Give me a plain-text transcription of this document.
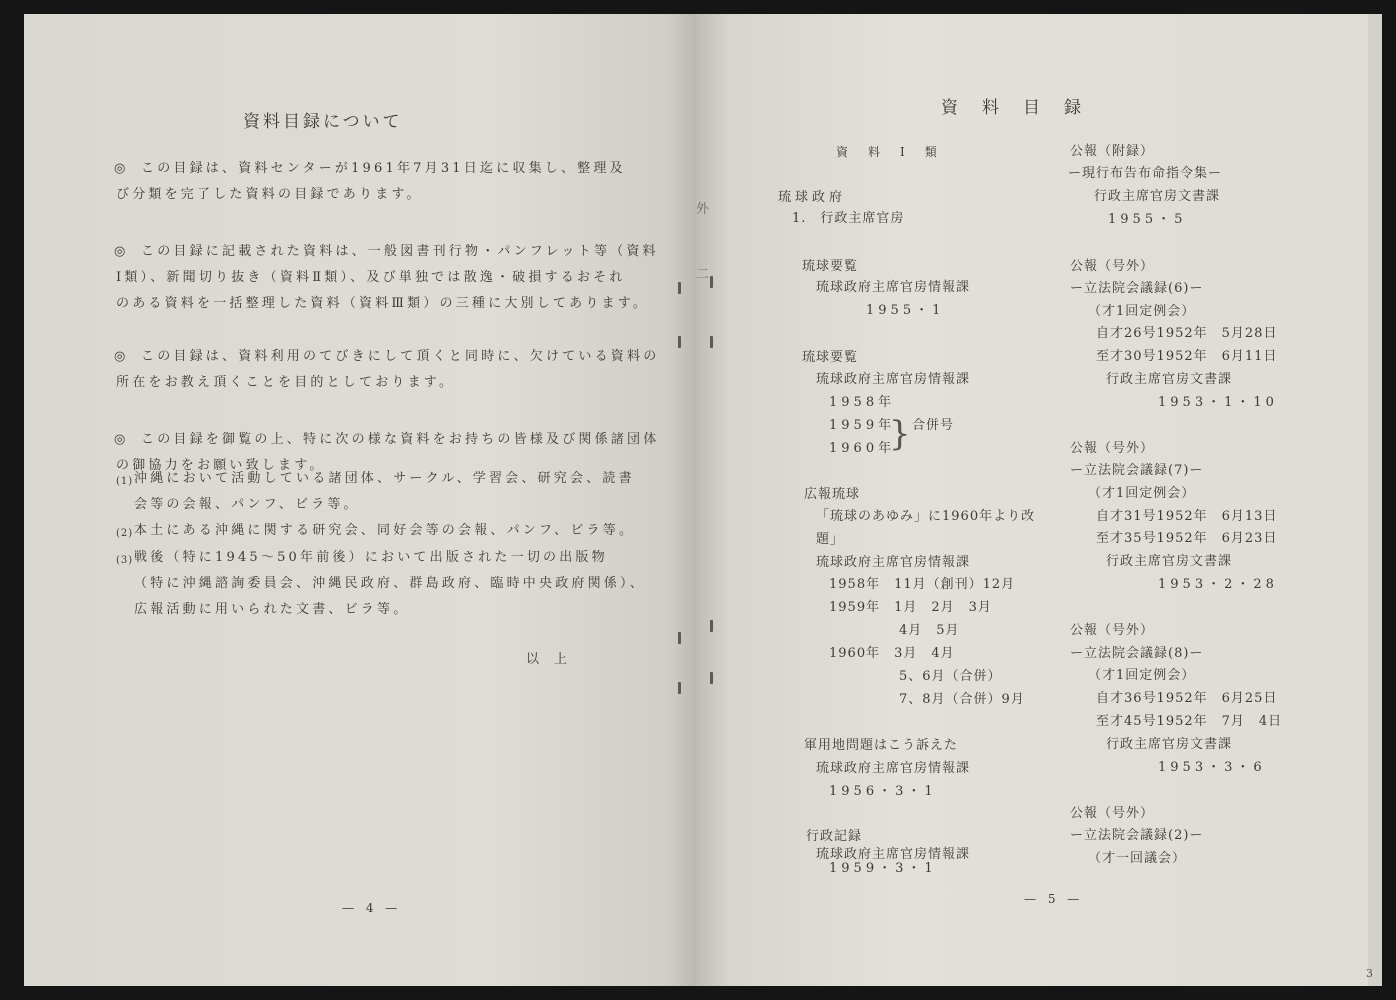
資料目録について
◎	この目録は、資料センターが1961年7月31日迄に収集し、整理及
び分類を完了した資料の目録であります。
◎	この目録に記載された資料は、一般図書刊行物・パンフレット等（資料
Ⅰ類）、新聞切り抜き（資料Ⅱ類）、及び単独では散逸・破損するおそれ
のある資料を一括整理した資料（資料Ⅲ類）の三種に大別してあります。
◎	この目録は、資料利用のてびきにして頂くと同時に、欠けている資料の
所在をお教え頂くことを目的としております。
◎	この目録を御覧の上、特に次の様な資料をお持ちの皆様及び関係諸団体
の御協力をお願い致します。
(1) 沖縄において活動している諸団体、サークル、学習会、研究会、読書
会等の会報、パンフ、ビラ等。
(2) 本土にある沖縄に関する研究会、同好会等の会報、パンフ、ビラ等。
(3) 戦後（特に1945〜50年前後）において出版された一切の出版物
（特に沖縄諮詢委員会、沖縄民政府、群島政府、臨時中央政府関係）、
広報活動に用いられた文書、ビラ等。
以　上
— 4 —
外
二
資料目録
資　料　Ⅰ　類
琉球政府
1.　行政主席官房
琉球要覧
琉球政府主席官房情報課
1955・1
琉球要覧
琉球政府主席官房情報課
1958年
1959年
1960年
} 合併号
広報琉球
「琉球のあゆみ」に1960年より改
題」
琉球政府主席官房情報課
1958年　11月（創刊）12月
1959年　1月　2月　3月
　　　　　4月　5月
1960年　3月　4月
　　　　　5、6月（合併）
　　　　　7、8月（合併）9月
軍用地問題はこう訴えた
琉球政府主席官房情報課
1956・3・1
行政記録
琉球政府主席官房情報課
1959・3・1
公報（附録）
ー現行布告布命指令集ー
行政主席官房文書課
1955・5
公報（号外）
ー立法院会議録(6)ー
（才1回定例会）
自才26号1952年　5月28日
至才30号1952年　6月11日
行政主席官房文書課
1953・1・10
公報（号外）
ー立法院会議録(7)ー
（才1回定例会）
自才31号1952年　6月13日
至才35号1952年　6月23日
行政主席官房文書課
1953・2・28
公報（号外）
ー立法院会議録(8)ー
（才1回定例会）
自才36号1952年　6月25日
至才45号1952年　7月　4日
行政主席官房文書課
1953・3・6
公報（号外）
ー立法院会議録(2)ー
（才一回議会）
— 5 —
3
